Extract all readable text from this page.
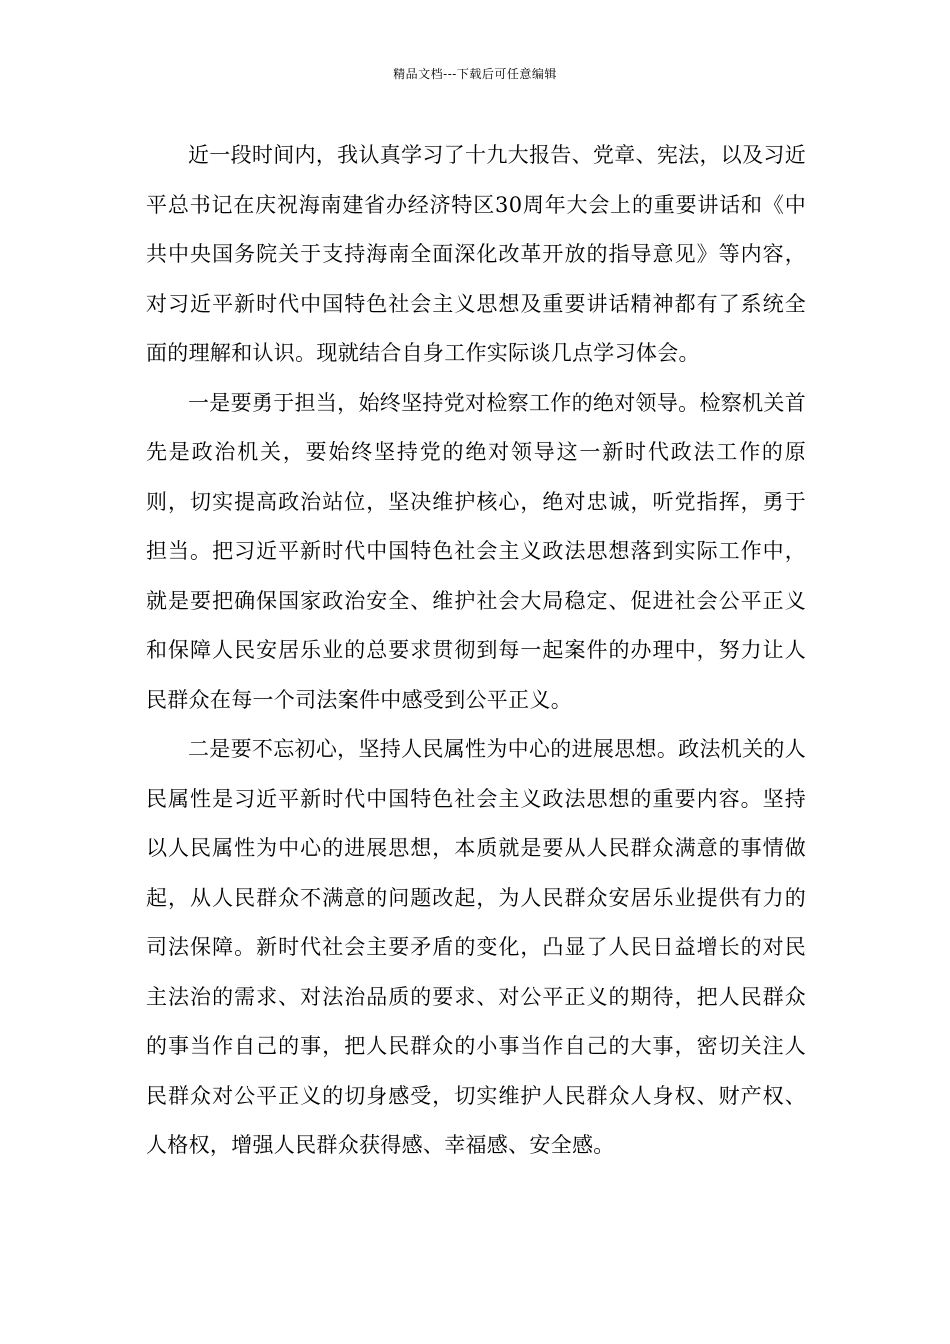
精品文档---下载后可任意编辑

近一段时间内，我认真学习了十九大报告、党章、宪法，以及习近平总书记在庆祝海南建省办经济特区30周年大会上的重要讲话和《中共中央国务院关于支持海南全面深化改革开放的指导意见》等内容，对习近平新时代中国特色社会主义思想及重要讲话精神都有了系统全面的理解和认识。现就结合自身工作实际谈几点学习体会。

一是要勇于担当，始终坚持党对检察工作的绝对领导。检察机关首先是政治机关，要始终坚持党的绝对领导这一新时代政法工作的原则，切实提高政治站位，坚决维护核心，绝对忠诚，听党指挥，勇于担当。把习近平新时代中国特色社会主义政法思想落到实际工作中，就是要把确保国家政治安全、维护社会大局稳定、促进社会公平正义和保障人民安居乐业的总要求贯彻到每一起案件的办理中，努力让人民群众在每一个司法案件中感受到公平正义。

二是要不忘初心，坚持人民属性为中心的进展思想。政法机关的人民属性是习近平新时代中国特色社会主义政法思想的重要内容。坚持以人民属性为中心的进展思想，本质就是要从人民群众满意的事情做起，从人民群众不满意的问题改起，为人民群众安居乐业提供有力的司法保障。新时代社会主要矛盾的变化，凸显了人民日益增长的对民主法治的需求、对法治品质的要求、对公平正义的期待，把人民群众的事当作自己的事，把人民群众的小事当作自己的大事，密切关注人民群众对公平正义的切身感受，切实维护人民群众人身权、财产权、人格权，增强人民群众获得感、幸福感、安全感。
